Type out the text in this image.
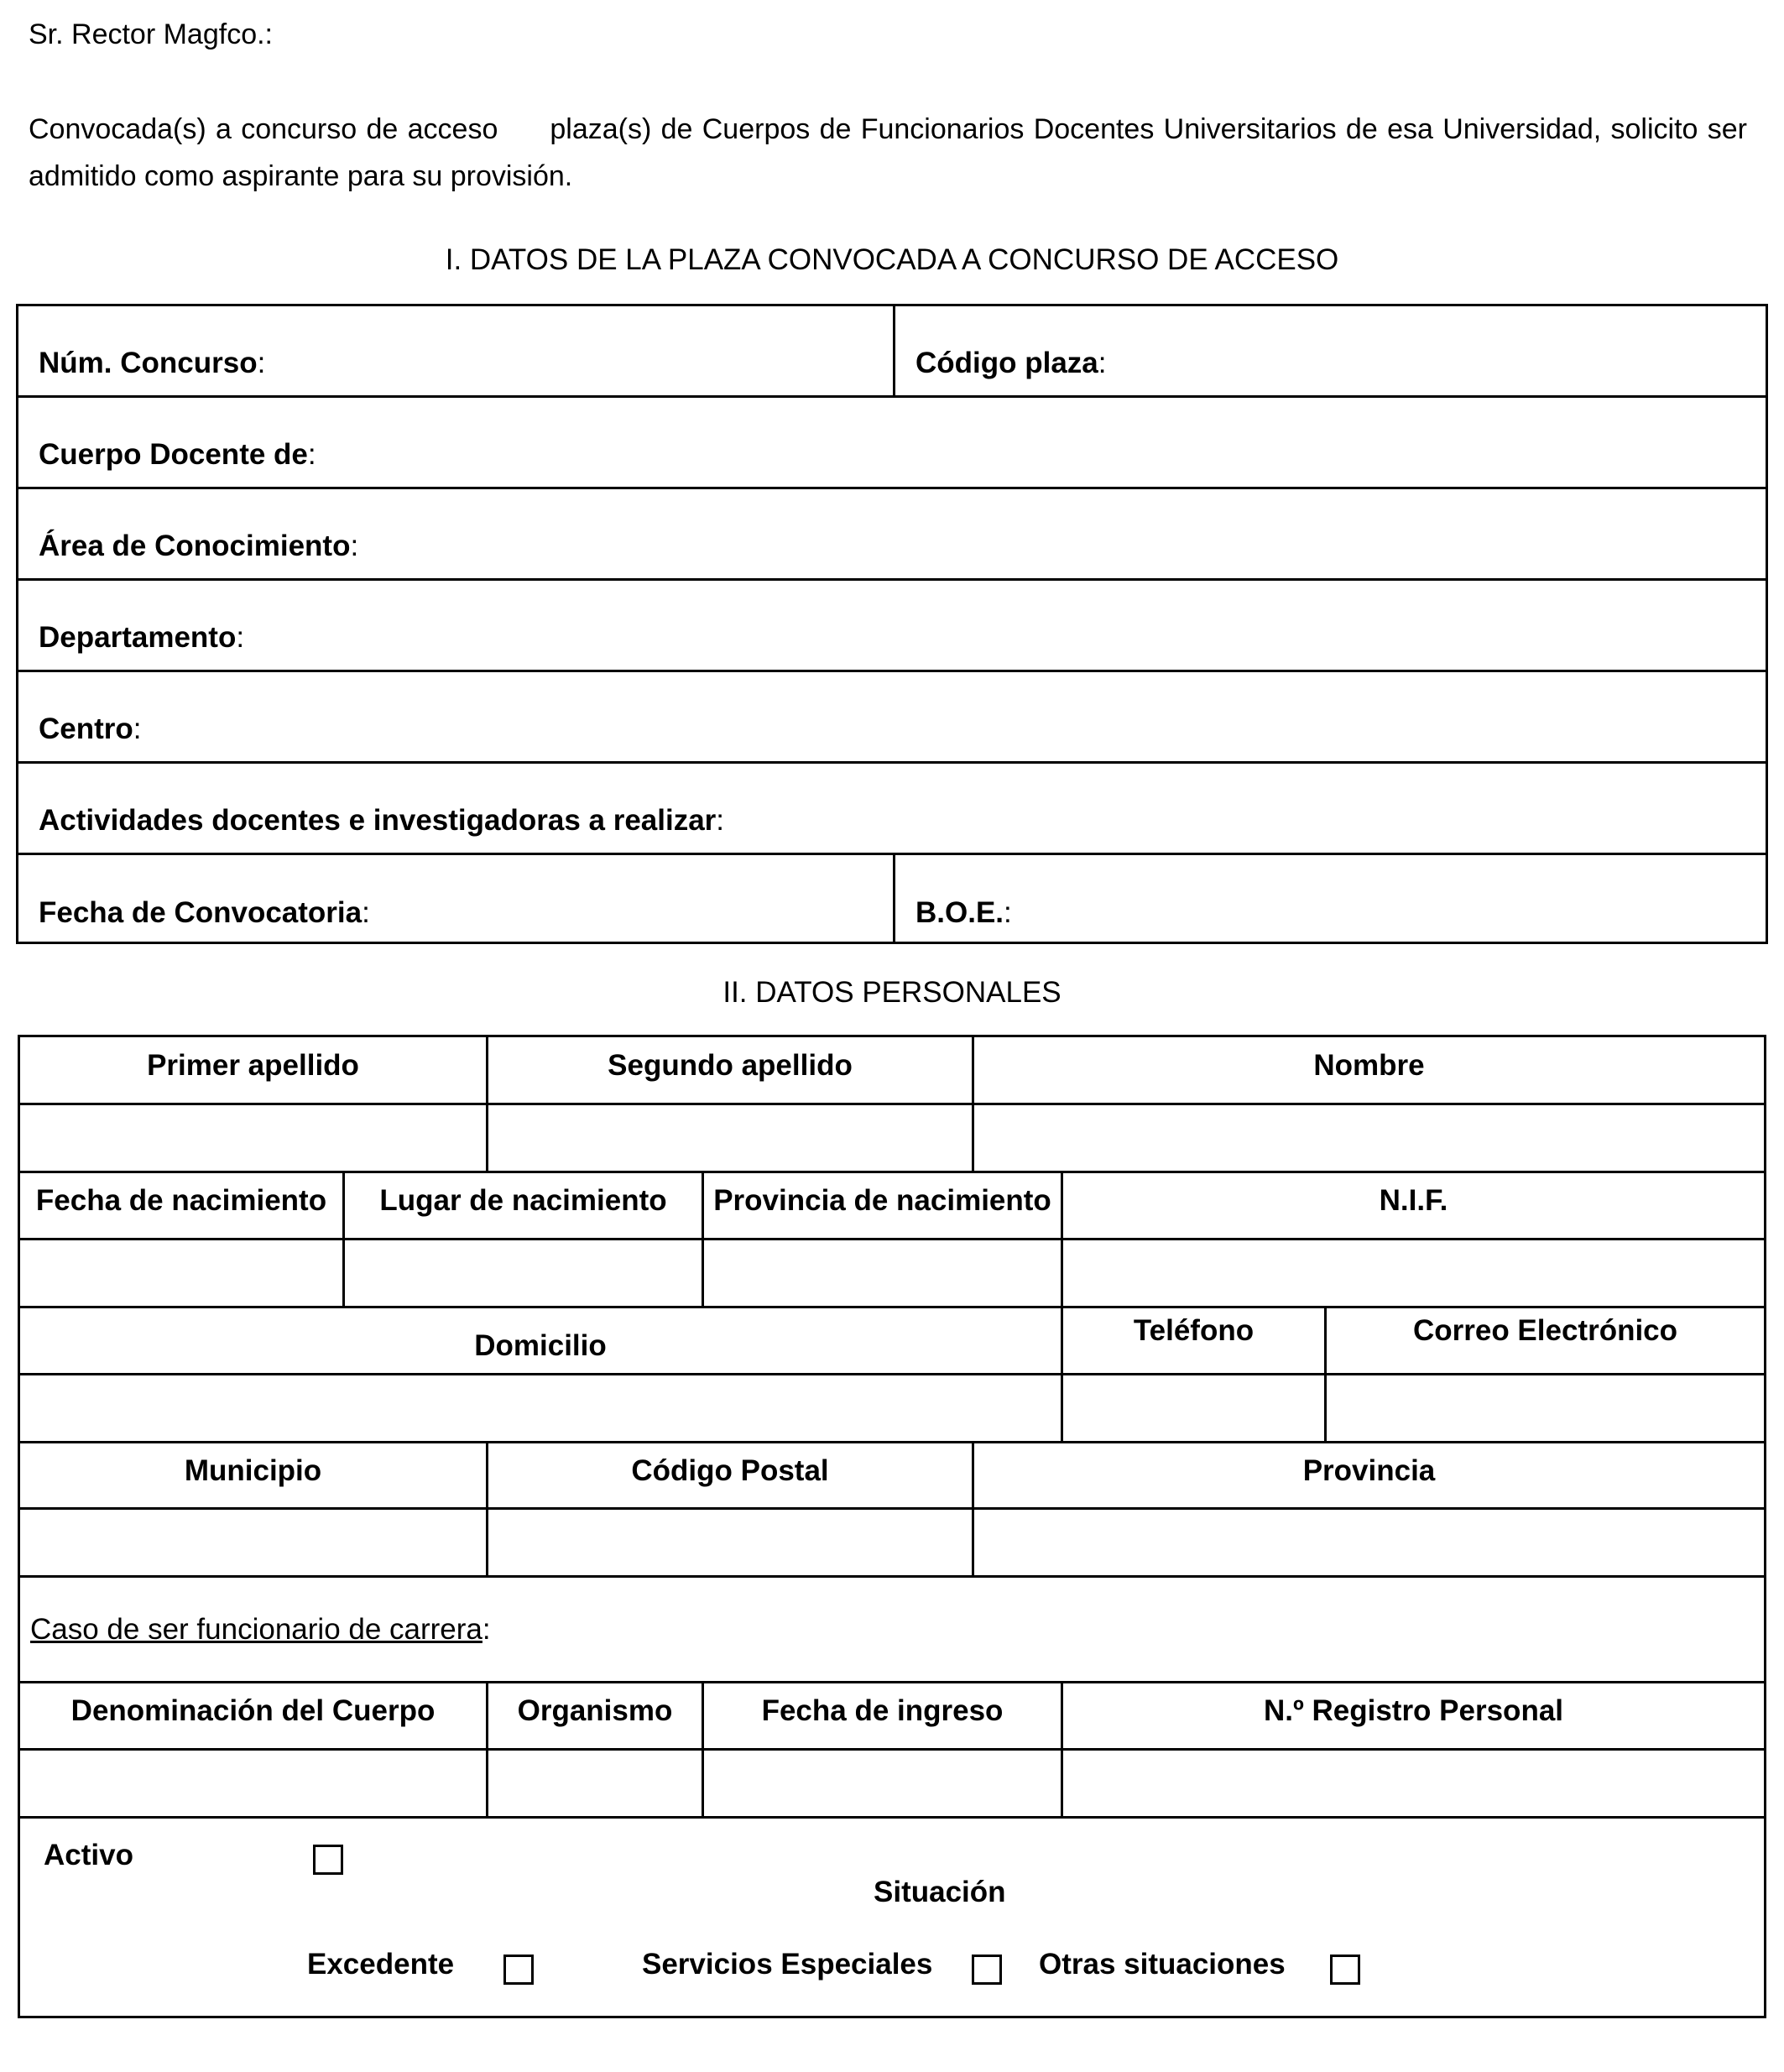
Sr. Rector Magfco.:
Convocada(s) a concurso de acceso plaza(s) de Cuerpos de Funcionarios Docentes Universitarios de esa Universidad, solicito ser admitido como aspirante para su provisión.
I. DATOS DE LA PLAZA CONVOCADA A CONCURSO DE ACCESO
Núm. Concurso:	Código plaza:
Cuerpo Docente de:
Área de Conocimiento:
Departamento:
Centro:
Actividades docentes e investigadoras a realizar:
Fecha de Convocatoria:	B.O.E.:
II. DATOS PERSONALES
Primer apellido	Segundo apellido	Nombre
Fecha de nacimiento	Lugar de nacimiento	Provincia de nacimiento	N.I.F.
Domicilio	Teléfono	Correo Electrónico
Municipio	Código Postal	Provincia
Caso de ser funcionario de carrera:
Denominación del Cuerpo	Organismo	Fecha de ingreso	N.º Registro Personal
Activo
Situación
Excedente	Servicios Especiales	Otras situaciones
